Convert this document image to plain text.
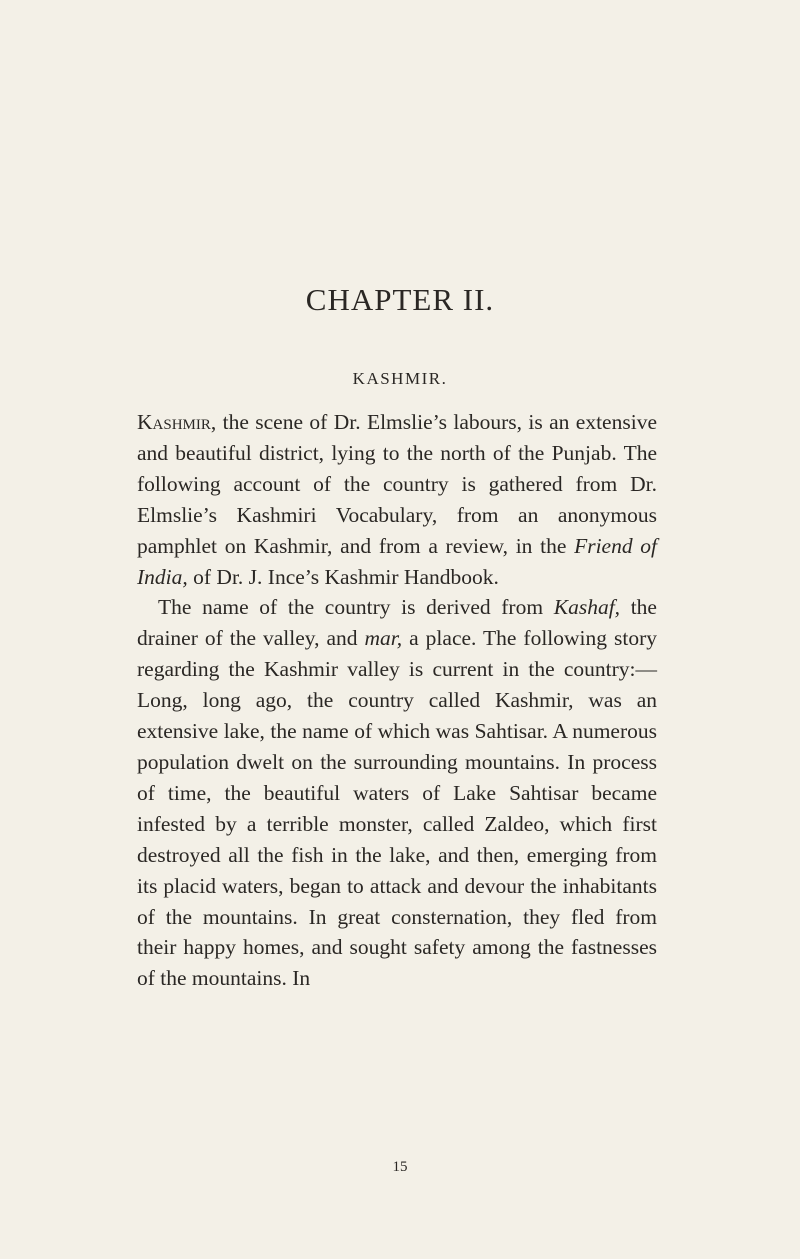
CHAPTER II.
KASHMIR.

Kashmir, the scene of Dr. Elmslie’s labours, is an extensive and beautiful district, lying to the north of the Punjab. The following account of the country is gathered from Dr. Elmslie’s Kashmiri Vocabulary, from an anonymous pamphlet on Kashmir, and from a review, in the Friend of India, of Dr. J. Ince’s Kashmir Handbook.

The name of the country is derived from Kashaf, the drainer of the valley, and mar, a place. The following story regarding the Kashmir valley is current in the country:—Long, long ago, the country called Kashmir, was an extensive lake, the name of which was Sahtisar. A numerous population dwelt on the surrounding mountains. In process of time, the beautiful waters of Lake Sahtisar became infested by a terrible monster, called Zaldeo, which first destroyed all the fish in the lake, and then, emerging from its placid waters, began to attack and devour the inhabitants of the mountains. In great consternation, they fled from their happy homes, and sought safety among the fastnesses of the mountains. In

15
